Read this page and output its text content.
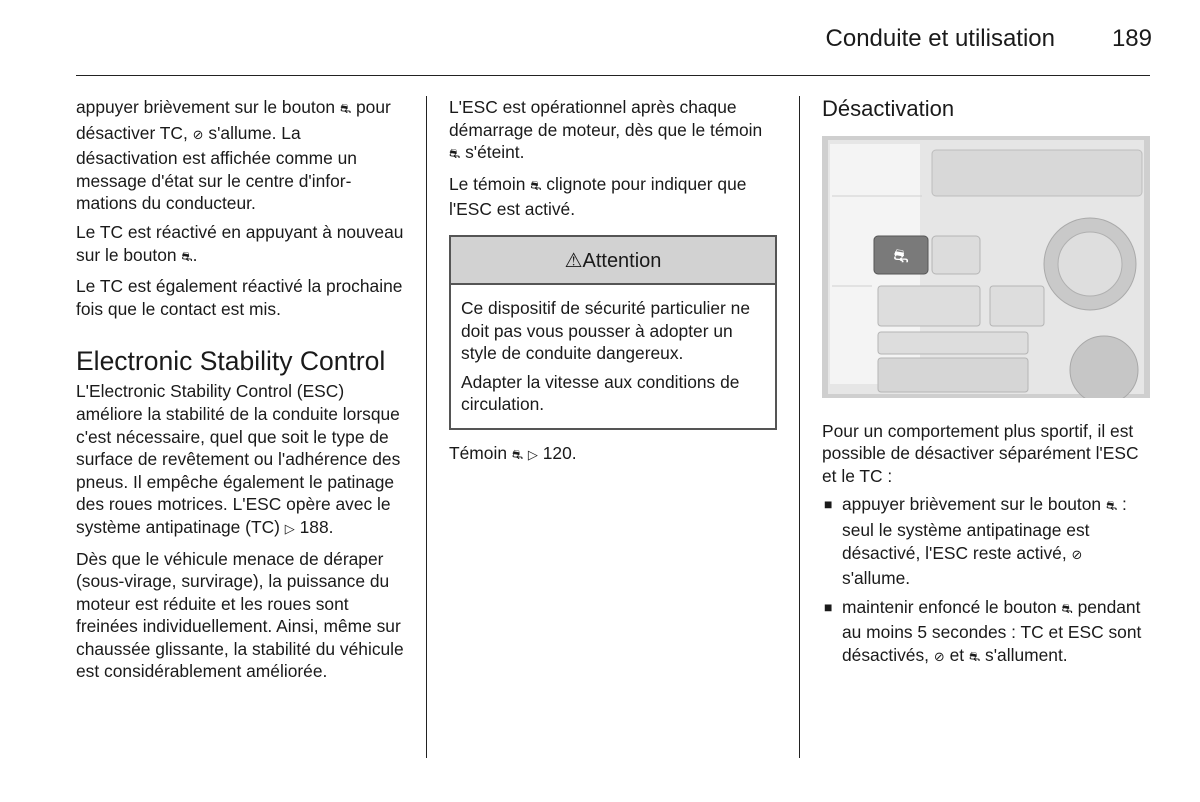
Conduite et utilisation 189

appuyer brièvement sur le bouton ⛐ pour désactiver TC, ⊘ s'allume. La désactivation est affichée comme un message d'état sur le centre d'informations du conducteur.

Le TC est réactivé en appuyant à nouveau sur le bouton ⛐.

Le TC est également réactivé la prochaine fois que le contact est mis.

Electronic Stability Control

L'Electronic Stability Control (ESC) améliore la stabilité de la conduite lorsque c'est nécessaire, quel que soit le type de surface de revêtement ou l'adhérence des pneus. Il empêche également le patinage des roues motrices. L'ESC opère avec le système antipatinage (TC) ▷ 188.

Dès que le véhicule menace de déraper (sous-virage, survirage), la puissance du moteur est réduite et les roues sont freinées individuellement. Ainsi, même sur chaussée glissante, la stabilité du véhicule est considérablement améliorée.

L'ESC est opérationnel après chaque démarrage de moteur, dès que le témoin ⛐ s'éteint.

Le témoin ⛐ clignote pour indiquer que l'ESC est activé.

⚠Attention

Ce dispositif de sécurité particulier ne doit pas vous pousser à adopter un style de conduite dangereux.

Adapter la vitesse aux conditions de circulation.

Témoin ⛐ ▷ 120.

Désactivation
⛐

Pour un comportement plus sportif, il est possible de désactiver séparément l'ESC et le TC :

■ appuyer brièvement sur le bouton ⛐ : seul le système antipatinage est désactivé, l'ESC reste activé, ⊘ s'allume.
■ maintenir enfoncé le bouton ⛐ pendant au moins 5 secondes : TC et ESC sont désactivés, ⊘ et ⛐ s'allument.
